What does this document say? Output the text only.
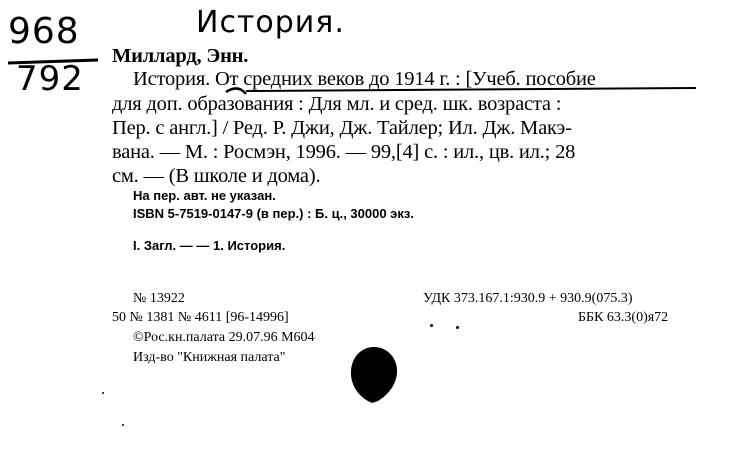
968
792
История.
Миллард, Энн.
История. От средних веков до 1914 г. : [Учеб. пособие
для доп. образования : Для мл. и сред. шк. возраста :
Пер. с англ.] / Ред. Р. Джи, Дж. Тайлер; Ил. Дж. Макэ-
вана. — М. : Росмэн, 1996. — 99,[4] с. : ил., цв. ил.; 28
см. — (В школе и дома).
На пер. авт. не указан.
ISBN 5-7519-0147-9 (в пер.) : Б. ц., 30000 экз.
I. Загл. — — 1. История.
№ 13922	УДК 373.167.1:930.9 + 930.9(075.3)
50 № 1381 № 4611 [96-14996]	ББК 63.3(0)я72
©Рос.кн.палата 29.07.96 М604
Изд-во "Книжная палата"
